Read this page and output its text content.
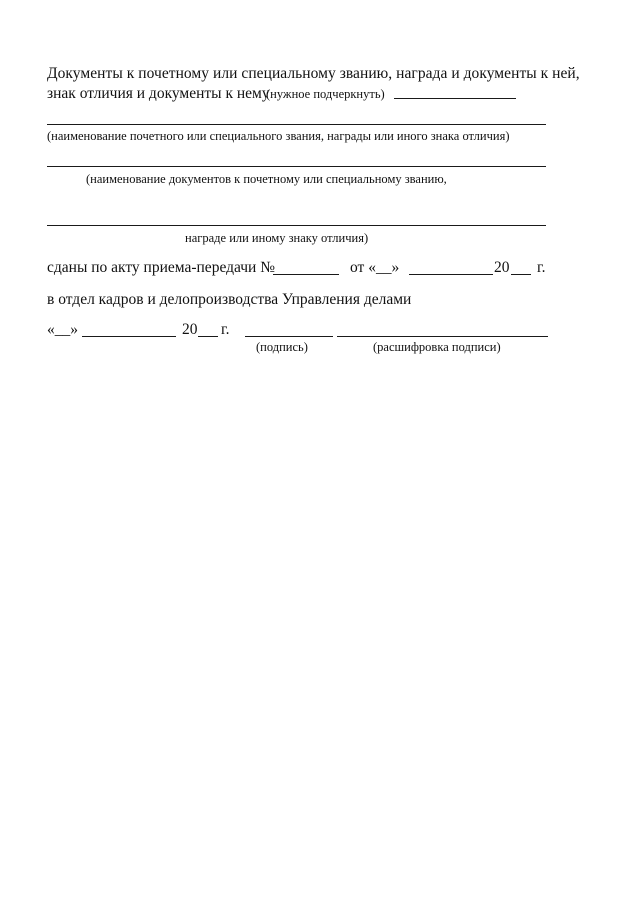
Документы к почетному или специальному званию, награда и документы к ней,
знак отличия и документы к нему
(нужное подчеркнуть)
(наименование почетного или специального звания, награды или иного знака отличия)
(наименование документов к почетному или специальному званию,
награде или иному знаку отличия)
сданы по акту приема-передачи №	от «__»	20 г.
в отдел кадров и делопроизводства Управления делами
«__»	20 г.
(подпись)	(расшифровка подписи)
